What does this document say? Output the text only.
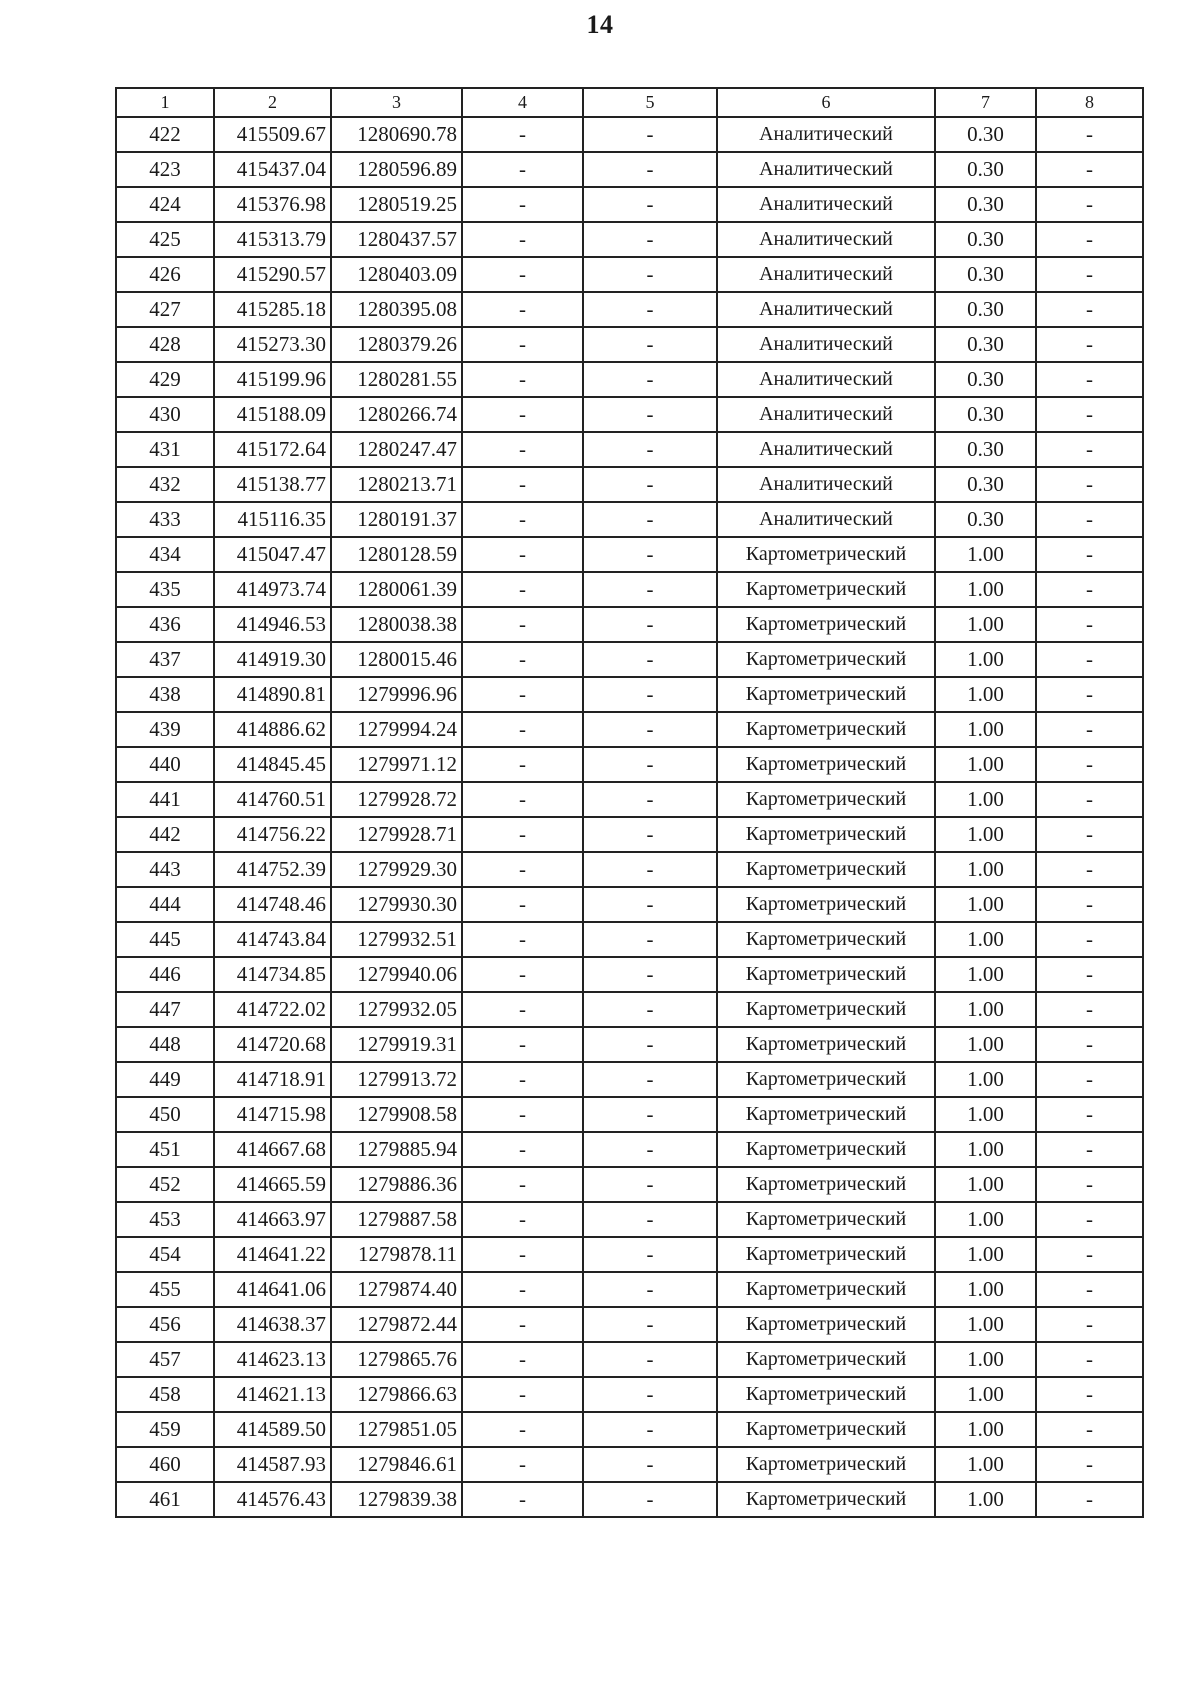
14
1	2	3	4	5	6	7	8
422	415509.67	1280690.78	-	-	Аналитический	0.30	-
423	415437.04	1280596.89	-	-	Аналитический	0.30	-
424	415376.98	1280519.25	-	-	Аналитический	0.30	-
425	415313.79	1280437.57	-	-	Аналитический	0.30	-
426	415290.57	1280403.09	-	-	Аналитический	0.30	-
427	415285.18	1280395.08	-	-	Аналитический	0.30	-
428	415273.30	1280379.26	-	-	Аналитический	0.30	-
429	415199.96	1280281.55	-	-	Аналитический	0.30	-
430	415188.09	1280266.74	-	-	Аналитический	0.30	-
431	415172.64	1280247.47	-	-	Аналитический	0.30	-
432	415138.77	1280213.71	-	-	Аналитический	0.30	-
433	415116.35	1280191.37	-	-	Аналитический	0.30	-
434	415047.47	1280128.59	-	-	Картометрический	1.00	-
435	414973.74	1280061.39	-	-	Картометрический	1.00	-
436	414946.53	1280038.38	-	-	Картометрический	1.00	-
437	414919.30	1280015.46	-	-	Картометрический	1.00	-
438	414890.81	1279996.96	-	-	Картометрический	1.00	-
439	414886.62	1279994.24	-	-	Картометрический	1.00	-
440	414845.45	1279971.12	-	-	Картометрический	1.00	-
441	414760.51	1279928.72	-	-	Картометрический	1.00	-
442	414756.22	1279928.71	-	-	Картометрический	1.00	-
443	414752.39	1279929.30	-	-	Картометрический	1.00	-
444	414748.46	1279930.30	-	-	Картометрический	1.00	-
445	414743.84	1279932.51	-	-	Картометрический	1.00	-
446	414734.85	1279940.06	-	-	Картометрический	1.00	-
447	414722.02	1279932.05	-	-	Картометрический	1.00	-
448	414720.68	1279919.31	-	-	Картометрический	1.00	-
449	414718.91	1279913.72	-	-	Картометрический	1.00	-
450	414715.98	1279908.58	-	-	Картометрический	1.00	-
451	414667.68	1279885.94	-	-	Картометрический	1.00	-
452	414665.59	1279886.36	-	-	Картометрический	1.00	-
453	414663.97	1279887.58	-	-	Картометрический	1.00	-
454	414641.22	1279878.11	-	-	Картометрический	1.00	-
455	414641.06	1279874.40	-	-	Картометрический	1.00	-
456	414638.37	1279872.44	-	-	Картометрический	1.00	-
457	414623.13	1279865.76	-	-	Картометрический	1.00	-
458	414621.13	1279866.63	-	-	Картометрический	1.00	-
459	414589.50	1279851.05	-	-	Картометрический	1.00	-
460	414587.93	1279846.61	-	-	Картометрический	1.00	-
461	414576.43	1279839.38	-	-	Картометрический	1.00	-
